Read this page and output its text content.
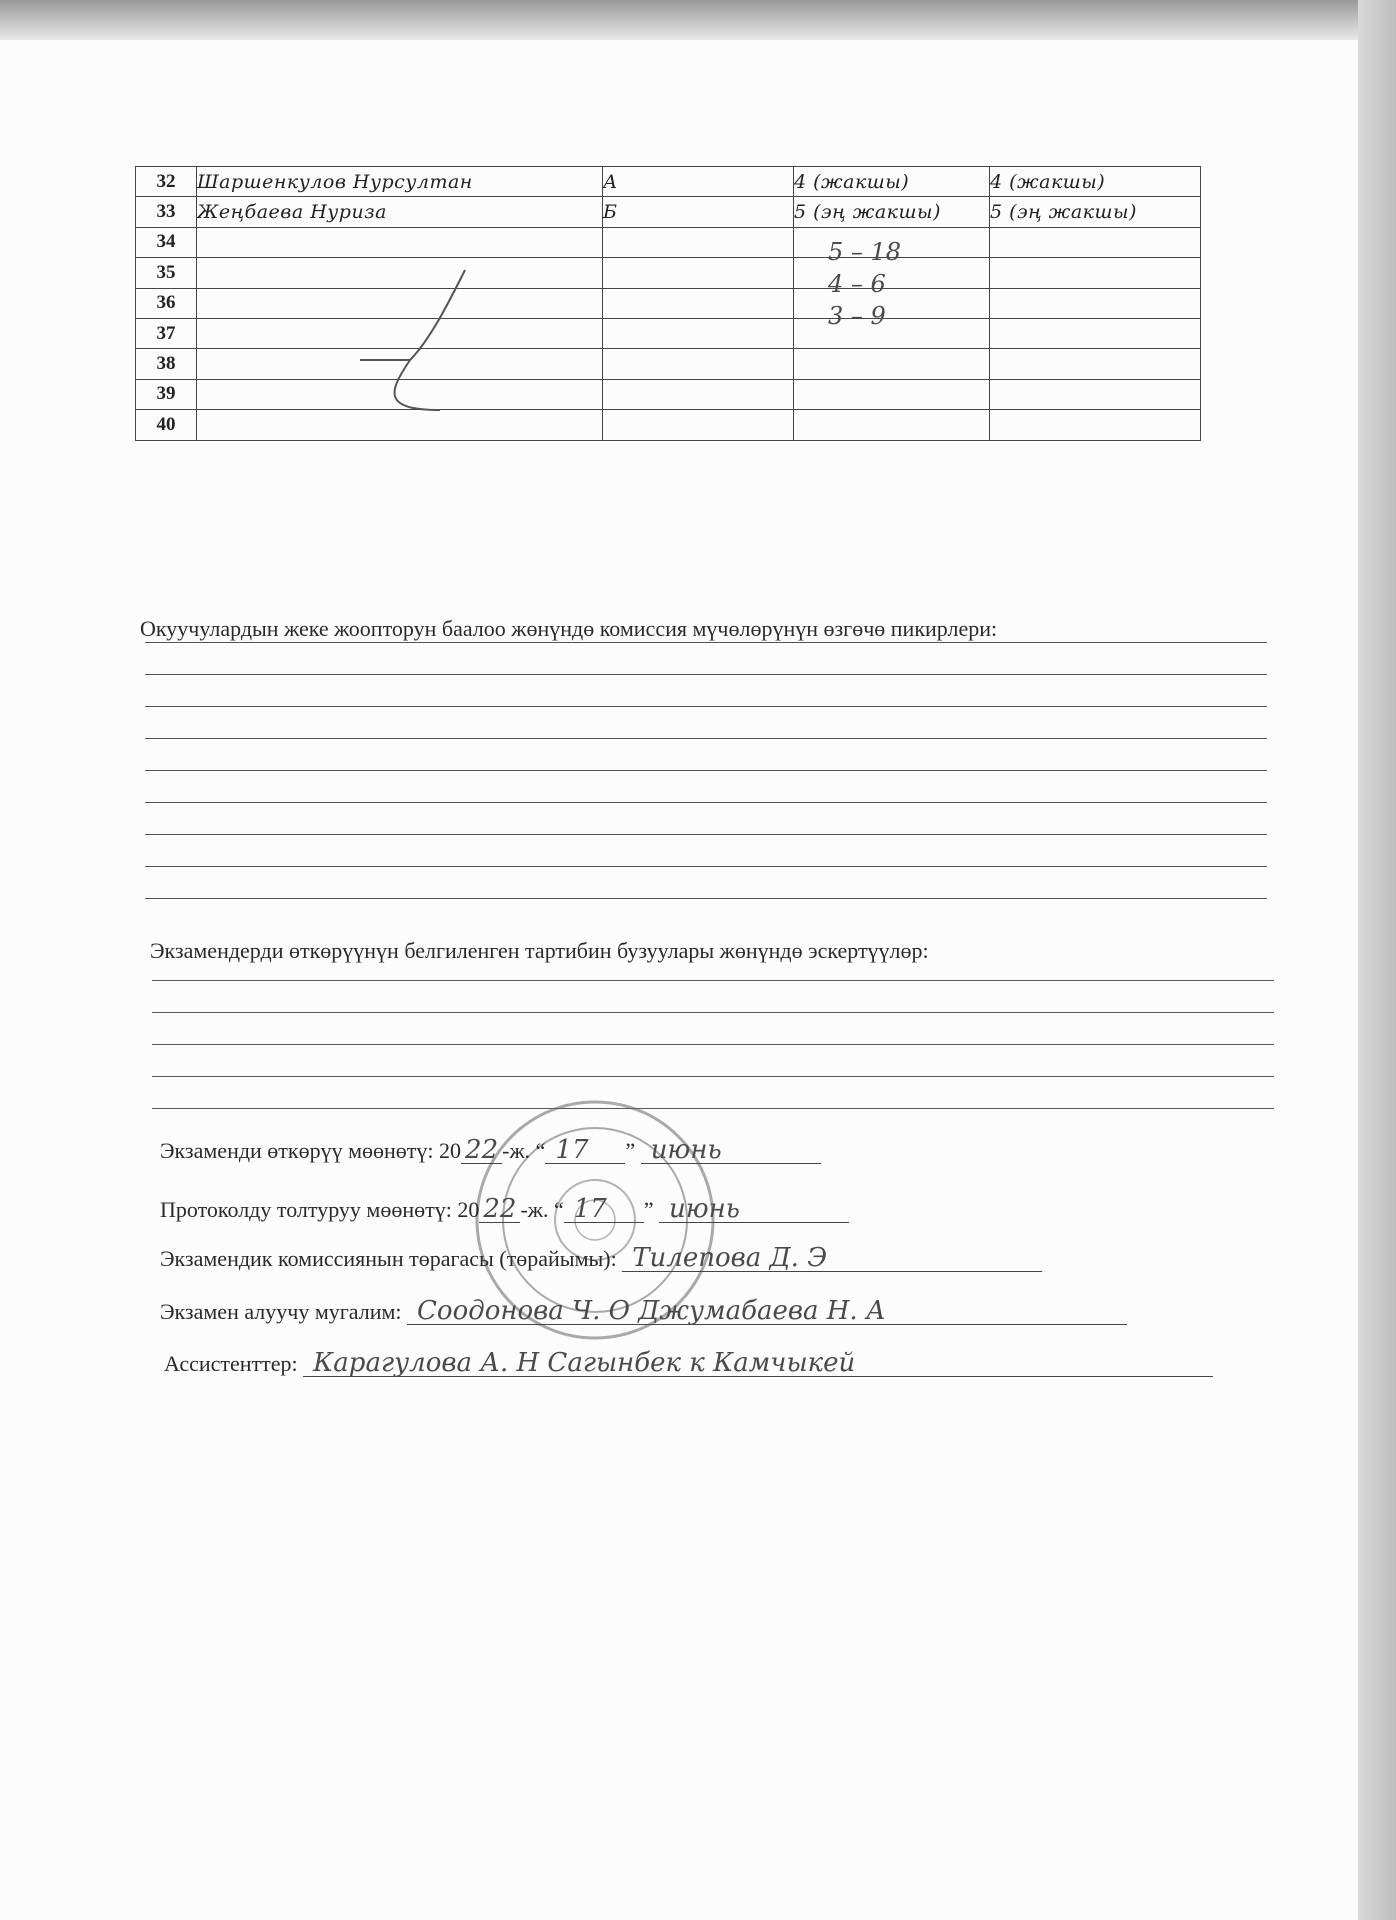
32	Шаршенкулов Нурсултан	А	4 (жакшы)	4 (жакшы)
33	Жеңбаева Нуриза	Б	5 (эң жакшы)	5 (эң жакшы)
34				
35				
36				
37				
38				
39				
40				
5 – 18
4 – 6
3 – 9
Окуучулардын жеке жоопторун баалоо жөнүндө комиссия мүчөлөрүнүн өзгөчө пикирлери:
Экзамендерди өткөрүүнүн белгиленген тартибин бузуулары жөнүндө эскертүүлөр:
Экзаменди өткөрүү мөөнөтү: 20 22 -ж. “ 17 ” июнь
Протоколду толтуруу мөөнөтү: 20 22 -ж. “ 17 ” июнь
Экзамендик комиссиянын төрагасы (төрайымы): Тилепова Д. Э
Экзамен алуучу мугалим: Соодонова Ч. О Джумабаева Н. А
Ассистенттер: Карагулова А. Н Сагынбек к Камчыкей
